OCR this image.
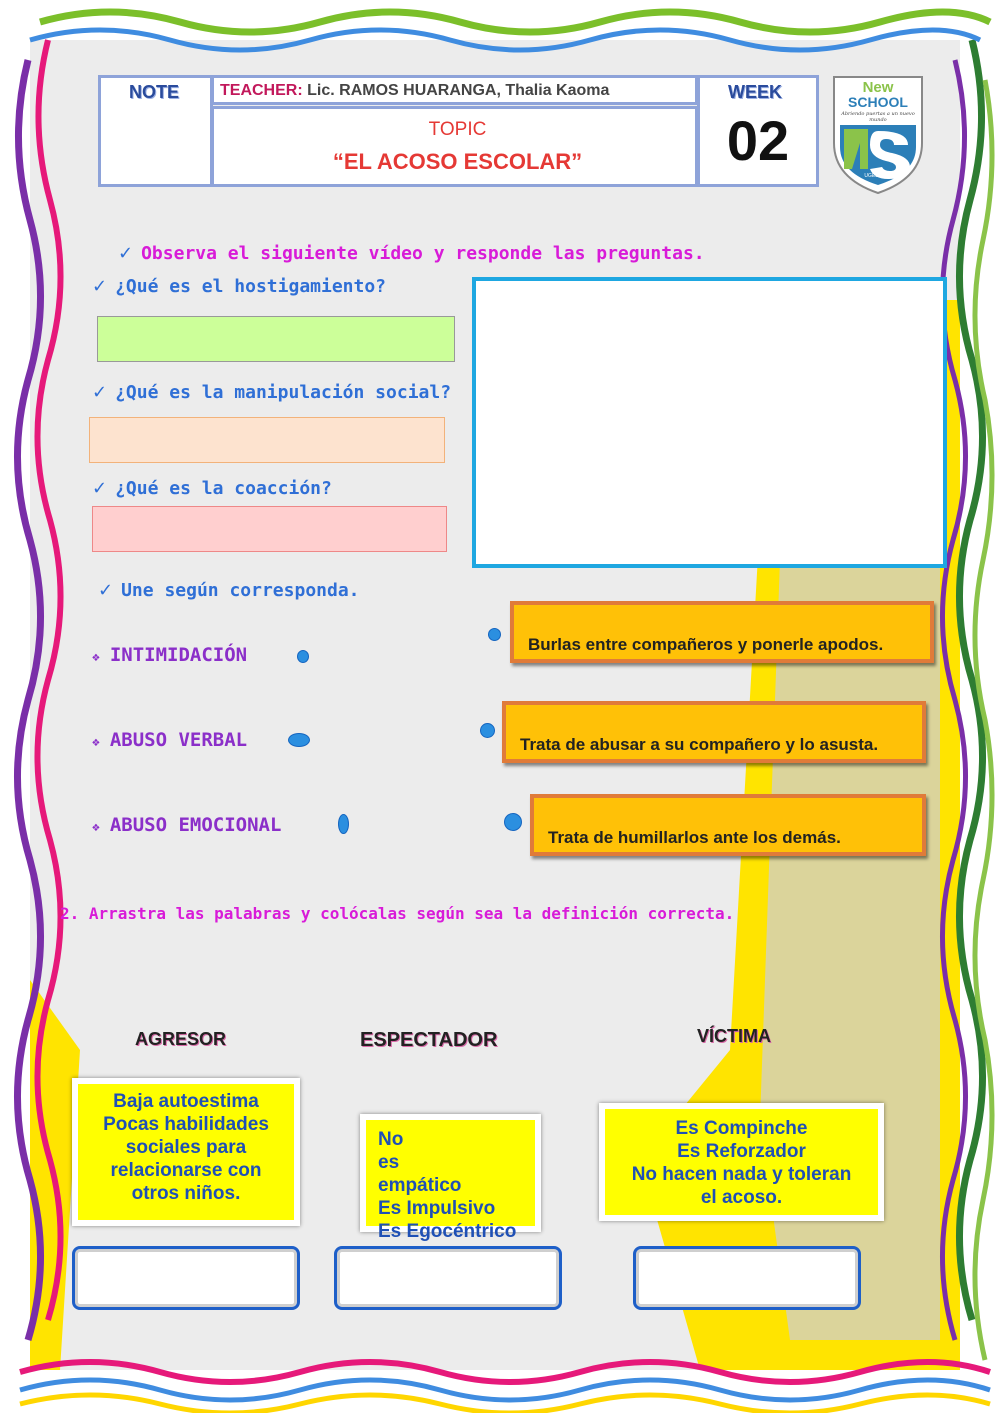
NOTE	TEACHER: Lic. RAMOS HUARANGA, Thalia Kaoma
TOPIC
“EL ACOSO ESCOLAR”
WEEK
02
New
SCHOOL
Abriendo puertas a un nuevo mundo
UGEL Nº 06
✓ Observa el siguiente vídeo y responde las preguntas.
✓ ¿Qué es el hostigamiento?
✓ ¿Qué es la manipulación social?
✓ ¿Qué es la coacción?
✓ Une según corresponda.
❖ INTIMIDACIÓN
❖ ABUSO VERBAL
❖ ABUSO EMOCIONAL
Burlas entre compañeros y ponerle apodos.
Trata de abusar a su compañero y lo asusta.
Trata de humillarlos ante los demás.
2. Arrastra las palabras y colócalas según sea la definición correcta.
AGRESOR	ESPECTADOR	VÍCTIMA
Baja autoestima
Pocas habilidades
sociales para
relacionarse con
otros niños.
No es
empático
Es Impulsivo
Es Egocéntrico
Es Compinche
Es Reforzador
No hacen nada y toleran
el acoso.
